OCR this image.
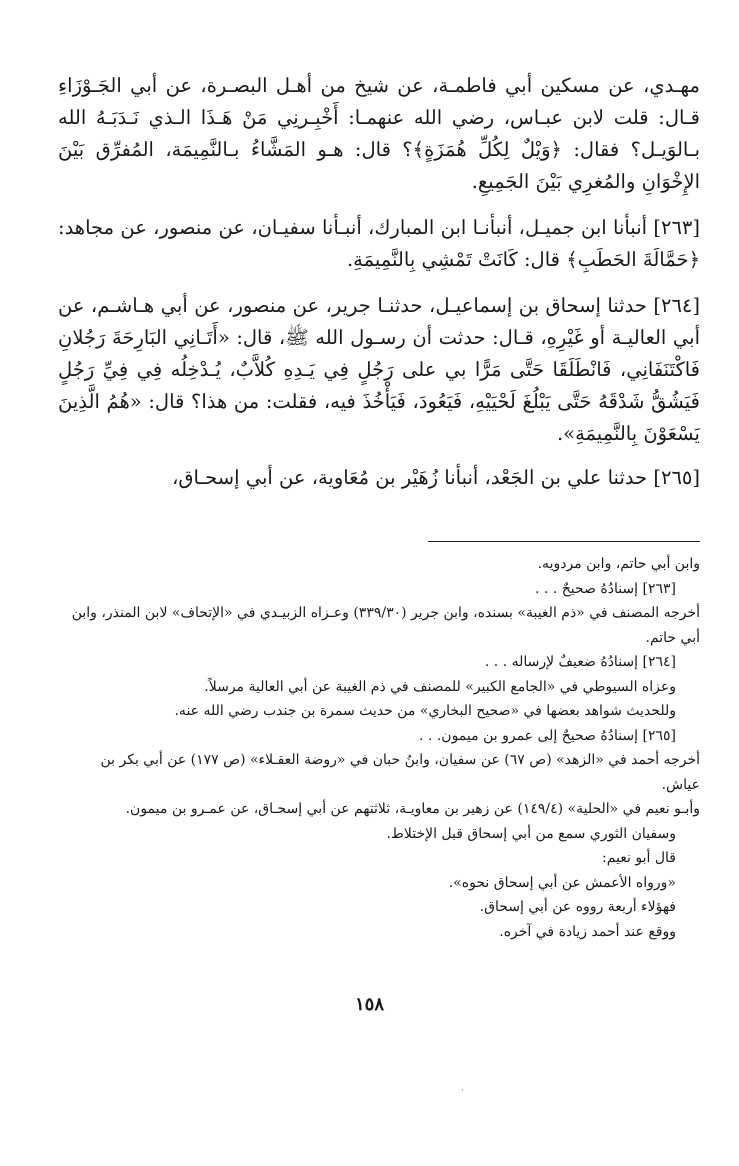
مهـدي، عن مسكين أبي فاطمـة، عن شيخ من أهـل البصـرة، عن أبي الجَـوْزَاءِ قـال: قلت لابن عبـاس، رضي الله عنهمـا: أَخْبِـرنِي مَنْ هَـذَا الـذي نَـدَبَـهُ الله بـالوَيـل؟ فقال: ﴿وَيْلٌ لِكُلِّ هُمَزَةٍ﴾؟ قال: هـو المَشَّاءُ بـالنَّمِيمَة، المُفرِّق بَيْنَ الإِخْوَانِ والمُغرِي بَيْنَ الجَمِيعِ.

[٢٦٣] أنبأنا ابن جميـل، أنبأنـا ابن المبارك، أنبـأنا سفيـان، عن منصور، عن مجاهد: ﴿حَمَّالَةَ الحَطَبِ﴾ قال: كَانَتْ تَمْشِي بِالنَّمِيمَةِ.

[٢٦٤] حدثنا إسحاق بن إسماعيـل، حدثنـا جرير، عن منصور، عن أبي هـاشـم، عن أبي العاليـة أو غَيْرِهِ، قـال: حدثت أن رسـول الله ﷺ، قال: «أَتَـانِي البَارِحَةَ رَجُلانِ فَاكْتَنَفَانِي، فَانْطَلَقَا حَتَّى مَرًّا بي على رَجُلٍ فِي يَـدِهِ كُلاَّبٌ، يُـدْخِلُه فِي فِيِّ رَجُلٍ فَيَشُقُّ شَدْقَهُ حَتَّى يَبْلُغَ لَحْيَيْهِ، فَيَعُودَ، فَيَأْخُذَ فيه، فقلت: من هذا؟ قال: «هُمُ الَّذِينَ يَسْعَوْنَ بِالنَّمِيمَةِ».

[٢٦٥] حدثنا علي بن الجَعْد، أنبأنا زُهَيْر بن مُعَاوية، عن أبي إسحـاق،

وابن أبي حاتم، وابن مردويه.

[٢٦٣] إسنادُهُ صحيحٌ . . .

أخرجه المصنف في «ذم الغيبة» بسنده، وابن جرير (٣٣٩/٣٠) وعـزاه الزبيـدي في «الإتحاف» لابن المنذر، وابن أبي حاتم.

[٢٦٤] إسنادُهُ ضعيفٌ لإرساله . . .

وعزاه السيوطي في «الجامع الكبير» للمصنف في ذم الغيبة عن أبي العالية مرسلاً.

وللحديث شواهد بعضها في «صحيح البخاري» من حديث سمرة بن جندب رضي الله عنه.

[٢٦٥] إسنادُهُ صحيحٌ إلى عمرو بن ميمون. . .

أخرجه أحمد في «الزهد» (ص ٦٧) عن سفيان، وابنُ حبان في «روضة العقـلاء» (ص ١٧٧) عن أبي بكر بن عياش.

وأبـو نعيم في «الحلية» (١٤٩/٤) عن زهير بن معاويـة، ثلاثتهم عن أبي إسحـاق، عن عمـرو بن ميمون.

وسفيان الثوري سمع من أبي إسحاق قبل الإختلاط.

قال أبو نعيم:

«ورواه الأعمش عن أبي إسحاق نحوه».

فهؤلاء أربعة رووه عن أبي إسحاق.

ووقع عند أحمد زيادة في آخره.

١٥٨
·
